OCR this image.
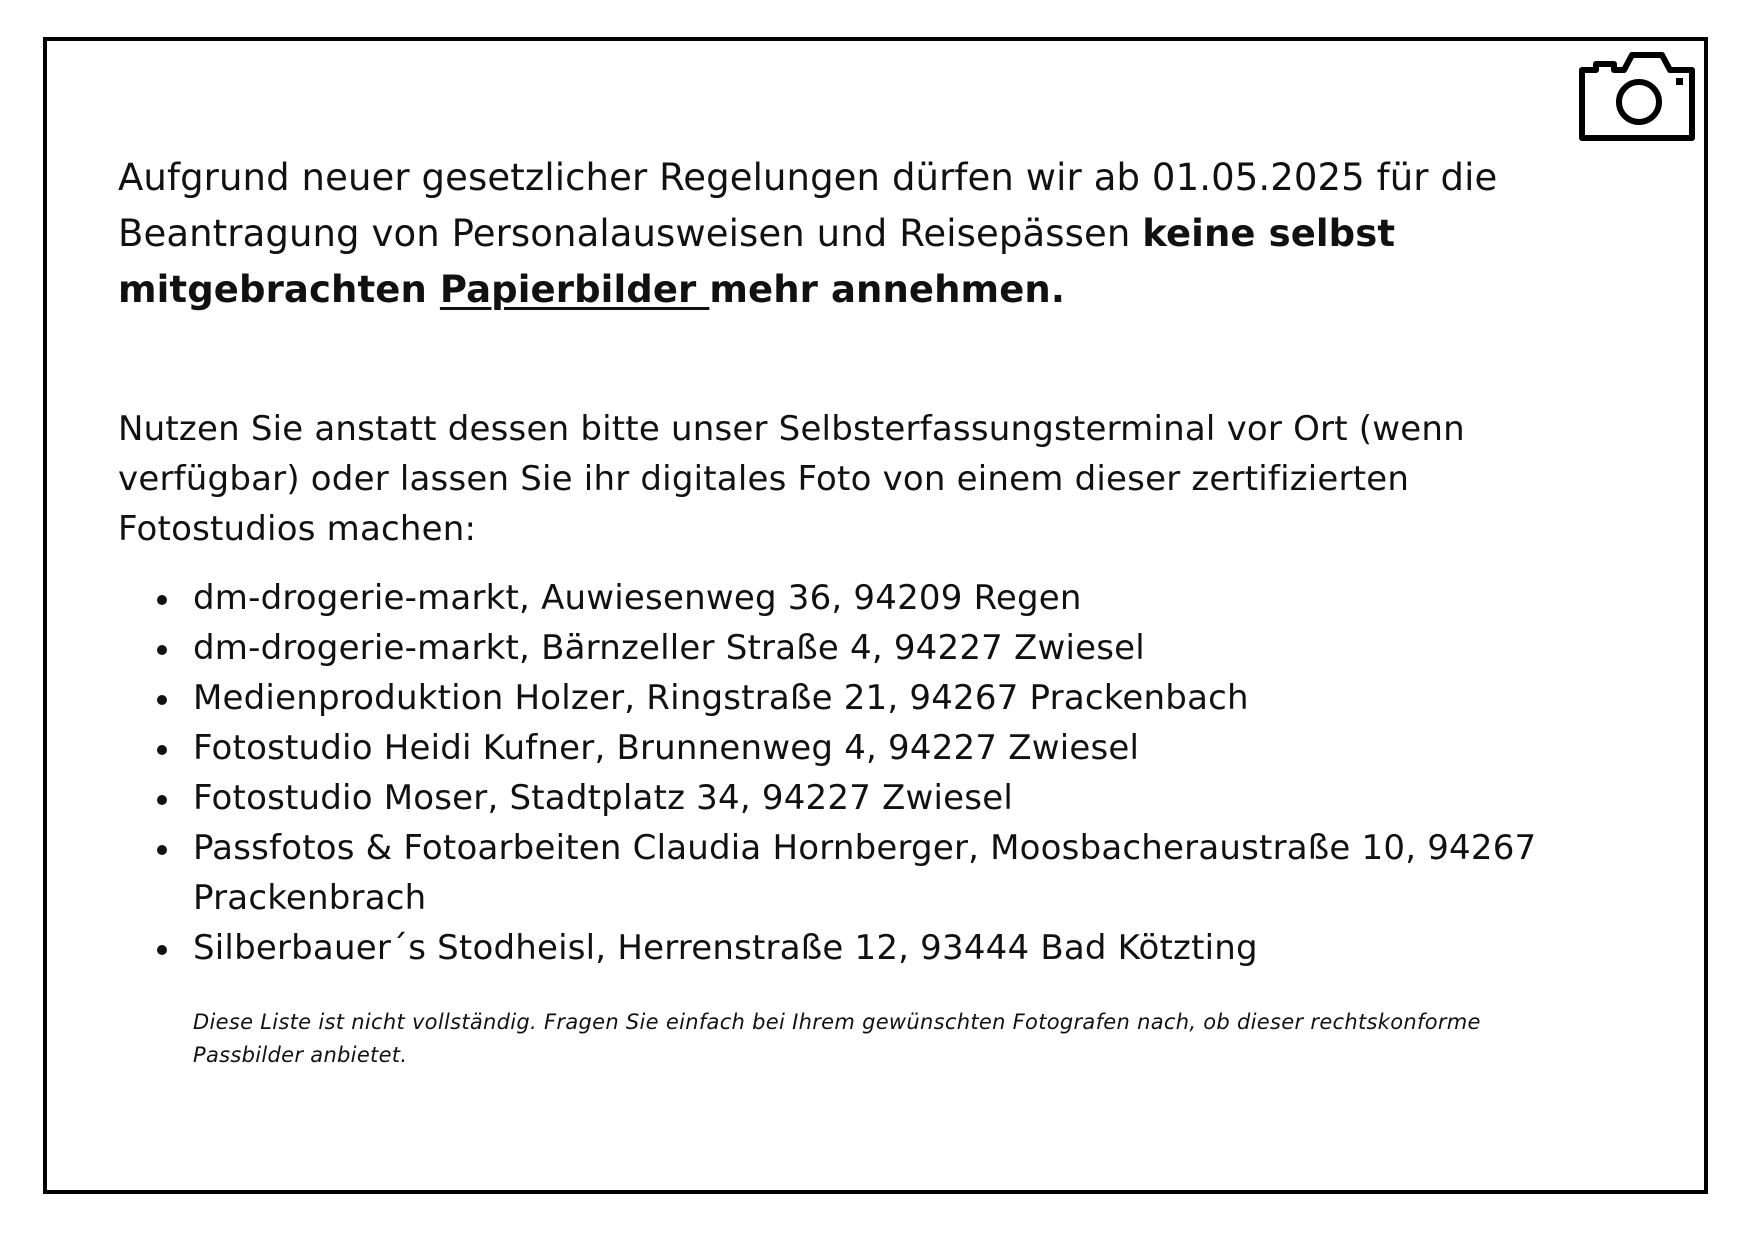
Aufgrund neuer gesetzlicher Regelungen dürfen wir ab 01.05.2025 für die Beantragung von Personalausweisen und Reisepässen keine selbst mitgebrachten Papierbilder mehr annehmen.

Nutzen Sie anstatt dessen bitte unser Selbsterfassungsterminal vor Ort (wenn verfügbar) oder lassen Sie ihr digitales Foto von einem dieser zertifizierten Fotostudios machen:

dm-drogerie-markt, Auwiesenweg 36, 94209 Regen
dm-drogerie-markt, Bärnzeller Straße 4, 94227 Zwiesel
Medienproduktion Holzer, Ringstraße 21, 94267 Prackenbach
Fotostudio Heidi Kufner, Brunnenweg 4, 94227 Zwiesel
Fotostudio Moser, Stadtplatz 34, 94227 Zwiesel
Passfotos & Fotoarbeiten Claudia Hornberger, Moosbacheraustraße 10, 94267 Prackenbrach
Silberbauer´s Stodheisl, Herrenstraße 12, 93444 Bad Kötzting

Diese Liste ist nicht vollständig. Fragen Sie einfach bei Ihrem gewünschten Fotografen nach, ob dieser rechtskonforme Passbilder anbietet.
